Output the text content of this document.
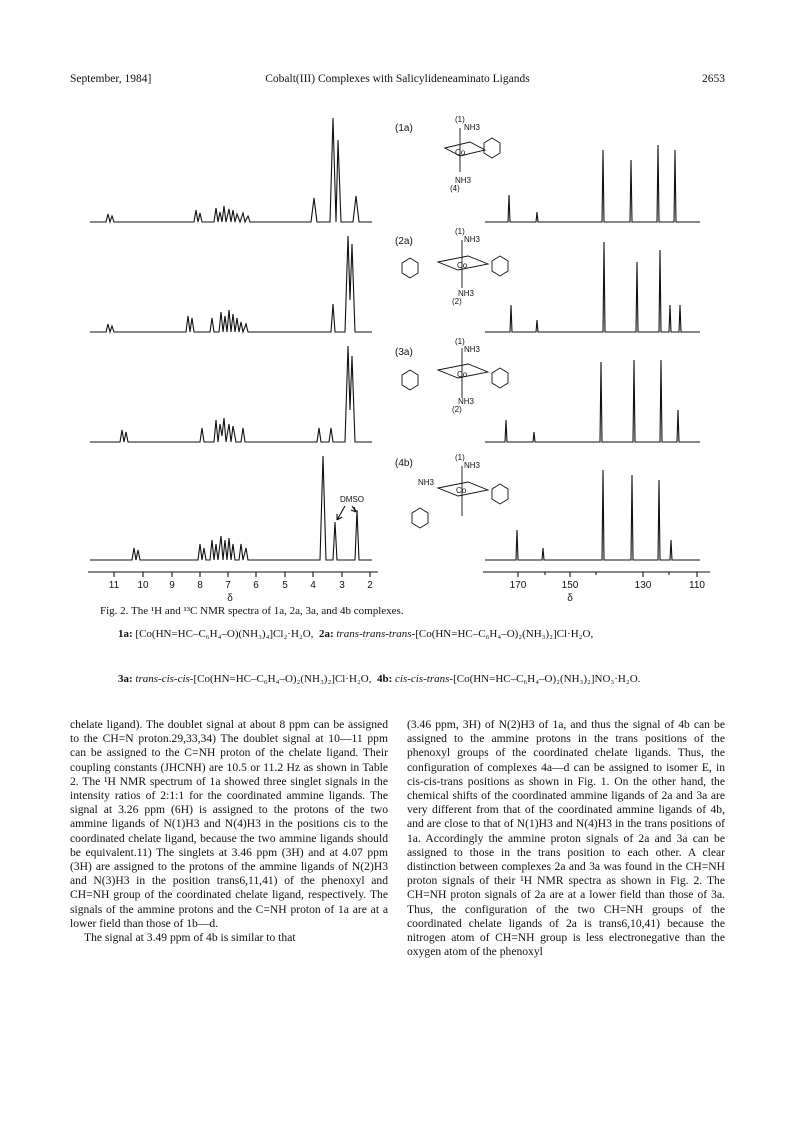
September, 1984]	Cobalt(III) Complexes with Salicylideneaminato Ligands	2653
(1a)
(2a)
(3a)
(4b)
DMSO
(1)
NH3
Co
NH3
(4)
(1)
NH3
Co
NH3
(2)
(1)
NH3
Co
NH3
(2)
(1)
NH3
Co
NH3
11 10 9 8 7 6 5 4 3 2
δ
170	150	130	110
δ
Fig. 2. The ¹H and ¹³C NMR spectra of 1a, 2a, 3a, and 4b complexes.
1a: [Co(HN=HC–C₆H₄–O)(NH₃)₄]Cl₂·H₂O, 2a: trans-trans-trans-[Co(HN=HC–C₆H₄–O)₂(NH₃)₂]Cl·H₂O,
3a: trans-cis-cis-[Co(HN=HC–C₆H₄–O)₂(NH₃)₂]Cl·H₂O, 4b: cis-cis-trans-[Co(HN=HC–C₆H₄–O)₂(NH₃)₂]NO₃·H₂O.

chelate ligand). The doublet signal at about 8 ppm can be assigned to the CH=N proton.29,33,34) The doublet signal at 10—11 ppm can be assigned to the C=NH proton of the chelate ligand. Their coupling constants (JHCNH) are 10.5 or 11.2 Hz as shown in Table 2. The ¹H NMR spectrum of 1a showed three singlet signals in the intensity ratios of 2:1:1 for the coordinated ammine ligands. The signal at 3.26 ppm (6H) is assigned to the protons of the two ammine ligands of N(1)H3 and N(4)H3 in the positions cis to the coordinated chelate ligand, because the two ammine ligands should be equivalent.11) The singlets at 3.46 ppm (3H) and at 4.07 ppm (3H) are assigned to the protons of the ammine ligands of N(2)H3 and N(3)H3 in the position trans6,11,41) of the phenoxyl and CH=NH group of the coordinated chelate ligand, respectively. The signals of the ammine protons and the C=NH proton of 1a are at a lower field than those of 1b—d.

The signal at 3.49 ppm of 4b is similar to that

(3.46 ppm, 3H) of N(2)H3 of 1a, and thus the signal of 4b can be assigned to the ammine protons in the trans positions of the phenoxyl groups of the coordinated chelate ligands. Thus, the configuration of complexes 4a—d can be assigned to isomer E, in cis-cis-trans positions as shown in Fig. 1. On the other hand, the chemical shifts of the coordinated ammine ligands of 2a and 3a are very different from that of the coordinated ammine ligands of 4b, and are close to that of N(1)H3 and N(4)H3 in the trans positions of 1a. Accordingly the ammine proton signals of 2a and 3a can be assigned to those in the trans position to each other. A clear distinction between complexes 2a and 3a was found in the CH=NH proton signals of their ¹H NMR spectra as shown in Fig. 2. The CH=NH proton signals of 2a are at a lower field than those of 3a. Thus, the configuration of the two CH=NH groups of the coordinated chelate ligands of 2a is trans6,10,41) because the nitrogen atom of CH=NH group is less electronegative than the oxygen atom of the phenoxyl
